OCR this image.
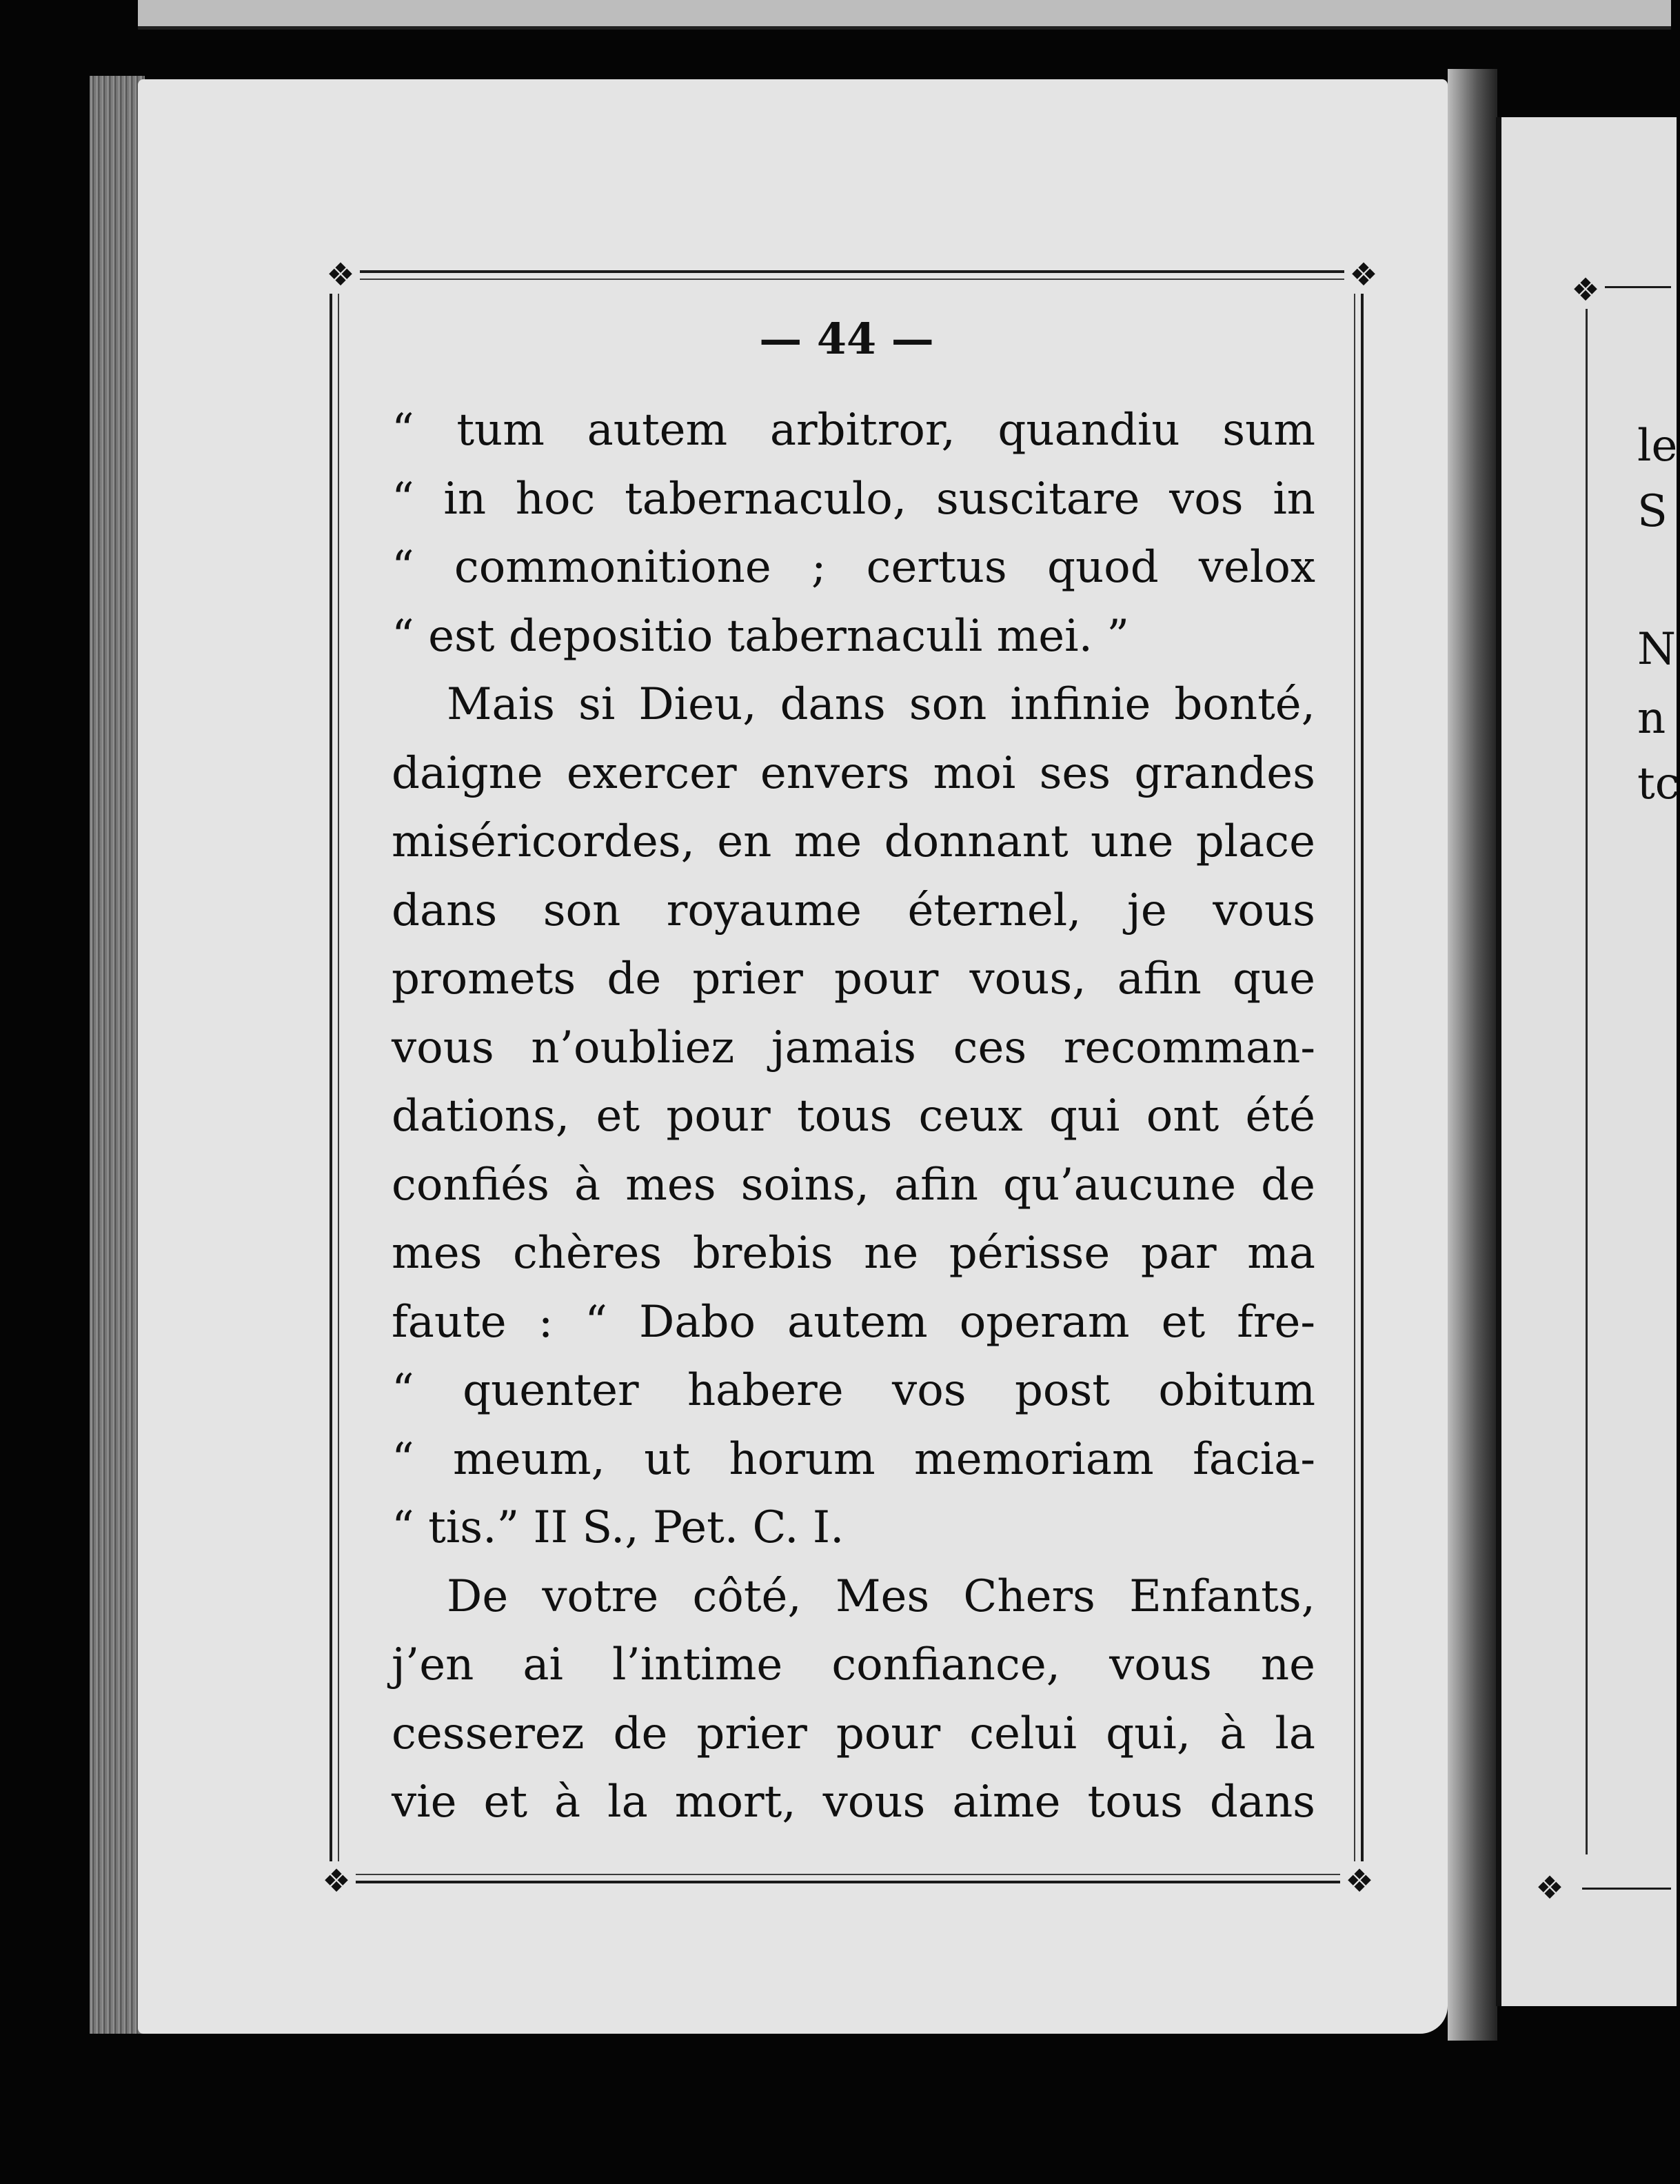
❖	❖
❖	❖
— 44 —
“ tum autem arbitror, quandiu sum
“ in hoc tabernaculo, suscitare vos in
“ commonitione ; certus quod velox
“ est depositio tabernaculi mei. ”
Mais si Dieu, dans son infinie bonté,
daigne exercer envers moi ses grandes
miséricordes, en me donnant une place
dans son royaume éternel, je vous
promets de prier pour vous, afin que
vous n’oubliez jamais ces recomman-
dations, et pour tous ceux qui ont été
confiés à mes soins, afin qu’aucune de
mes chères brebis ne périsse par ma
faute : “ Dabo autem operam et fre-
“ quenter habere vos post obitum
“ meum, ut horum memoriam facia-
“ tis.” II S., Pet. C. I.
De votre côté, Mes Chers Enfants,
j’en ai l’intime confiance, vous ne
cesserez de prier pour celui qui, à la
vie et à la mort, vous aime tous dans
❖
❖
le
S
N
n
tc
